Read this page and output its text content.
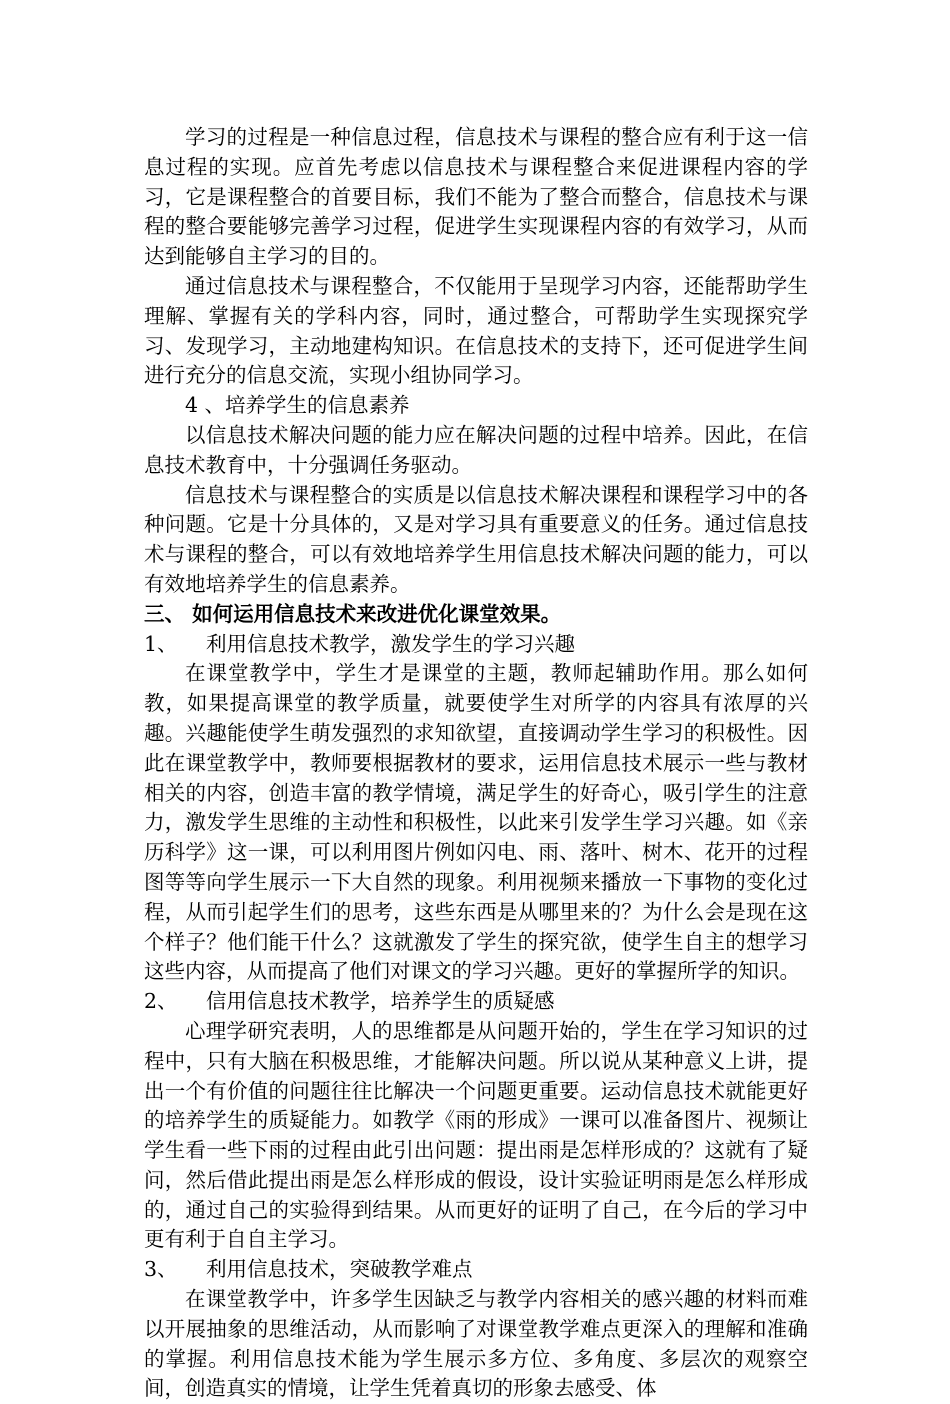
学习的过程是一种信息过程，信息技术与课程的整合应有利于这一信息过程的实现。应首先考虑以信息技术与课程整合来促进课程内容的学习，它是课程整合的首要目标，我们不能为了整合而整合，信息技术与课程的整合要能够完善学习过程，促进学生实现课程内容的有效学习，从而达到能够自主学习的目的。

通过信息技术与课程整合，不仅能用于呈现学习内容，还能帮助学生理解、掌握有关的学科内容，同时，通过整合，可帮助学生实现探究学习、发现学习，主动地建构知识。在信息技术的支持下，还可促进学生间进行充分的信息交流，实现小组协同学习。

4 、培养学生的信息素养

以信息技术解决问题的能力应在解决问题的过程中培养。因此，在信息技术教育中，十分强调任务驱动。

信息技术与课程整合的实质是以信息技术解决课程和课程学习中的各种问题。它是十分具体的，又是对学习具有重要意义的任务。通过信息技术与课程的整合，可以有效地培养学生用信息技术解决问题的能力，可以有效地培养学生的信息素养。

三、 如何运用信息技术来改进优化课堂效果。

1、 利用信息技术教学，激发学生的学习兴趣

在课堂教学中，学生才是课堂的主题，教师起辅助作用。那么如何教，如果提高课堂的教学质量，就要使学生对所学的内容具有浓厚的兴趣。兴趣能使学生萌发强烈的求知欲望，直接调动学生学习的积极性。因此在课堂教学中，教师要根据教材的要求，运用信息技术展示一些与教材相关的内容，创造丰富的教学情境，满足学生的好奇心，吸引学生的注意力，激发学生思维的主动性和积极性，以此来引发学生学习兴趣。如《亲历科学》这一课，可以利用图片例如闪电、雨、落叶、树木、花开的过程图等等向学生展示一下大自然的现象。利用视频来播放一下事物的变化过程，从而引起学生们的思考，这些东西是从哪里来的？为什么会是现在这个样子？他们能干什么？这就激发了学生的探究欲，使学生自主的想学习这些内容，从而提高了他们对课文的学习兴趣。更好的掌握所学的知识。

2、 信用信息技术教学，培养学生的质疑感

心理学研究表明，人的思维都是从问题开始的，学生在学习知识的过程中，只有大脑在积极思维，才能解决问题。所以说从某种意义上讲，提出一个有价值的问题往往比解决一个问题更重要。运动信息技术就能更好的培养学生的质疑能力。如教学《雨的形成》一课可以准备图片、视频让学生看一些下雨的过程由此引出问题：提出雨是怎样形成的？这就有了疑问，然后借此提出雨是怎么样形成的假设，设计实验证明雨是怎么样形成的，通过自己的实验得到结果。从而更好的证明了自己，在今后的学习中更有利于自自主学习。

3、 利用信息技术，突破教学难点

在课堂教学中，许多学生因缺乏与教学内容相关的感兴趣的材料而难以开展抽象的思维活动，从而影响了对课堂教学难点更深入的理解和准确的掌握。利用信息技术能为学生展示多方位、多角度、多层次的观察空间，创造真实的情境，让学生凭着真切的形象去感受、体
